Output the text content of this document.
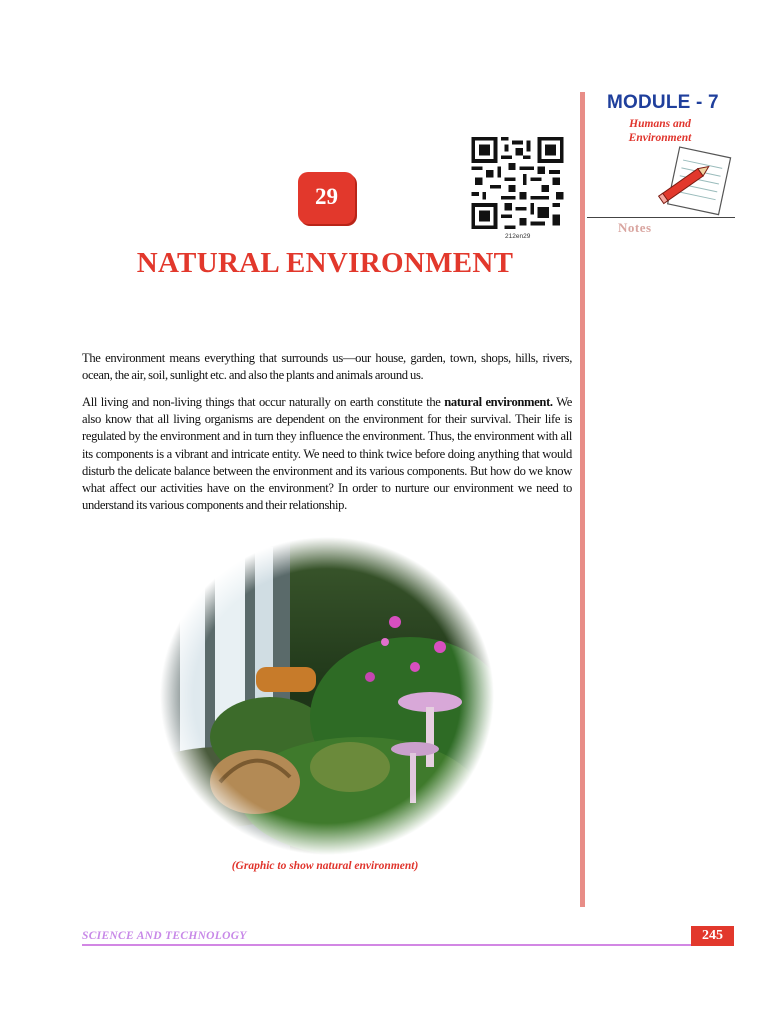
MODULE - 7
Humans and
Environment
Notes
212en29
29
NATURAL ENVIRONMENT
The environment means everything that surrounds us—our house, garden, town, shops, hills, rivers, ocean, the air, soil, sunlight etc. and also the plants and animals around us.
All living and non-living things that occur naturally on earth constitute the natural environment. We also know that all living organisms are dependent on the environment for their survival. Their life is regulated by the environment and in turn they influence the environment. Thus, the environment with all its components is a vibrant and intricate entity. We need to think twice before doing anything that would disturb the delicate balance between the environment and its various components. But how do we know what affect our activities have on the environment? In order to nurture our environment we need to understand its various components and their relationship.
(Graphic to show natural environment)
SCIENCE AND TECHNOLOGY	245
